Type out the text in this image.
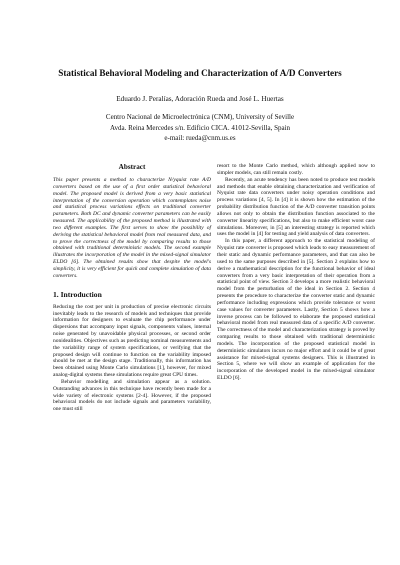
Statistical Behavioral Modeling and Characterization of A/D Converters
Eduardo J. Peralías, Adoración Rueda and José L. Huertas
Centro Nacional de Microelectrónica (CNM), University of Seville
Avda. Reina Mercedes s/n. Edificio CICA. 41012-Sevilla, Spain
e-mail: rueda@cnm.us.es
Abstract

This paper presents a method to characterize N/yquist rate A/D converters based on the use of a first order statistical behavioral model. The proposed model is derived from a very basic statistical interpretation of the conversion operation which contemplates noise and statistical process variations effects on traditional converter parameters. Both DC and dynamic converter parameters can be easily measured. The applicability of the proposed method is illustrated with two different examples. The first serves to show the possibility of deriving the statistical behavioral model from real measured data, and to prove the correctness of the model by comparing results to those obtained with traditional deterministic models. The second example illustrates the incorporation of the model in the mixed-signal simulator ELDO [6]. The obtained results show that despite the model's simplicity, it is very efficient for quick and complete simulation of data converters.

1. Introduction

Reducing the cost per unit in production of precise electronic circuits inevitably leads to the research of models and techniques that provide information for designers to evaluate the chip performance under dispersions that accompany input signals, components values, internal noise generated by unavoidable physical processes, or second order nonidealities. Objectives such as predicting nominal measurements and the variability range of system specifications, or verifying that the proposed design will continue to function on the variability imposed should be met at the design stage. Traditionally, this information has been obtained using Monte Carlo simulations [1], however, for mixed analog-digital systems these simulations require great CPU times.

Behavior modelling and simulation appear as a solution. Outstanding advances in this technique have recently been made for a wide variety of electronic systems [2-4]. However, if the proposed behavioral models do not include signals and parameters variability, one must still

resort to the Monte Carlo method, which although applied now to simpler models, can still remain costly.

Recently, an acute tendency has been noted to produce test models and methods that enable obtaining characterization and verification of Nyquist rate data converters under noisy operation conditions and process variations [4, 5]. In [4] it is shown how the estimation of the probability distribution function of the A/D converter transition points allows not only to obtain the distribution function associated to the converter linearity specifications, but also to make efficient worst case simulations. Moreover, in [5] an interesting strategy is reported which uses the model in [4] for testing and yield analysis of data converters.

In this paper, a different approach to the statistical modeling of Nyquist rate converter is proposed which leads to easy measurement of their static and dynamic performance parameters, and that can also be used to the same purposes described in [5]. Section 2 explains how to derive a mathematical description for the functional behavior of ideal converters from a very basic interpretation of their operation from a statistical point of view. Section 3 develops a more realistic behavioral model from the perturbation of the ideal in Section 2. Section 4 presents the procedure to characterize the converter static and dynamic performance including expressions which provide tolerance or worst case values for converter parameters. Lastly, Section 5 shows how a inverse process can be followed to elaborate the proposed statistical behavioral model from real measured data of a specific A/D converter. The correctness of the model and characterization strategy is proved by comparing results to those obtained with traditional deterministic models. The incorporation of the proposed statistical model in deterministic simulators incurs no major effort and it could be of great assistance for mixed-signal systems designers. This is illustrated in Section 5, where we will show an example of application for the incorporation of the developed model in the mixed-signal simulator ELDO [6].
